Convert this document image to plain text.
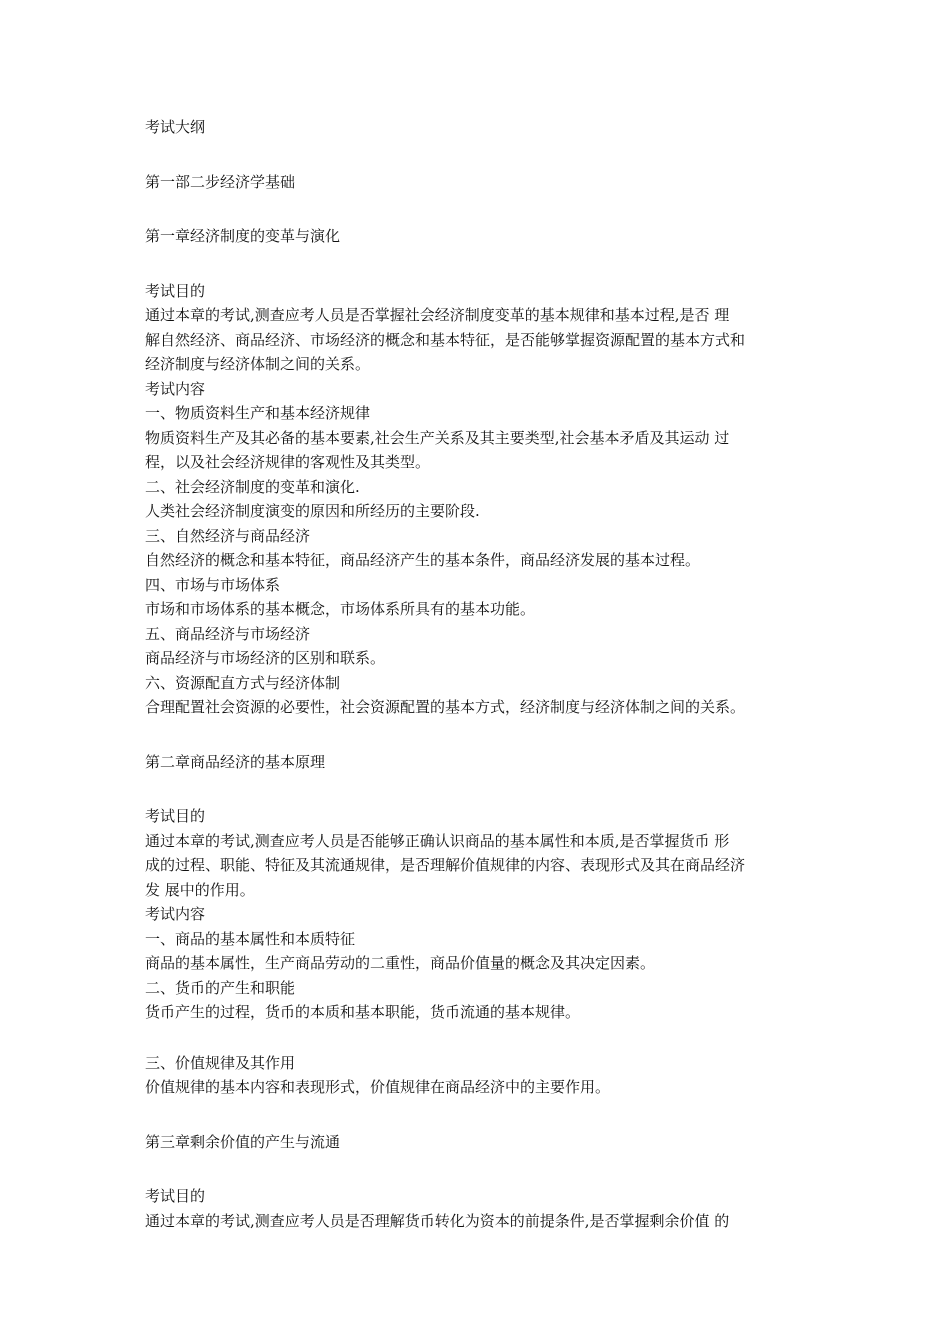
考试大纲
第一部二步经济学基础
第一章经济制度的变革与演化
考试目的
通过本章的考试,测查应考人员是否掌握社会经济制度变革的基本规律和基本过程,是否 理
解自然经济、商品经济、市场经济的概念和基本特征，是否能够掌握资源配置的基本方式和
经济制度与经济体制之间的关系。
考试内容
一、物质资料生产和基本经济规律
物质资料生产及其必备的基本要素,社会生产关系及其主要类型,社会基本矛盾及其运动 过
程，以及社会经济规律的客观性及其类型。
二、社会经济制度的变革和演化.
人类社会经济制度演变的原因和所经历的主要阶段.
三、自然经济与商品经济
自然经济的概念和基本特征，商品经济产生的基本条件，商品经济发展的基本过程。
四、市场与市场体系
市场和市场体系的基本概念，市场体系所具有的基本功能。
五、商品经济与市场经济
商品经济与市场经济的区别和联系。
六、资源配直方式与经济体制
合理配置社会资源的必要性，社会资源配置的基本方式，经济制度与经济体制之间的关系。
第二章商品经济的基本原理
考试目的
通过本章的考试,测查应考人员是否能够正确认识商品的基本属性和本质,是否掌握货币 形
成的过程、职能、特征及其流通规律，是否理解价值规律的内容、表现形式及其在商品经济
发 展中的作用。
考试内容
一、商品的基本属性和本质特征
商品的基本属性，生产商品劳动的二重性，商品价值量的概念及其决定因素。
二、货币的产生和职能
货币产生的过程，货币的本质和基本职能，货币流通的基本规律。
三、价值规律及其作用
价值规律的基本内容和表现形式，价值规律在商品经济中的主要作用。
第三章剩余价值的产生与流通
考试目的
通过本章的考试,测查应考人员是否理解货币转化为资本的前提条件,是否掌握剩余价值 的
